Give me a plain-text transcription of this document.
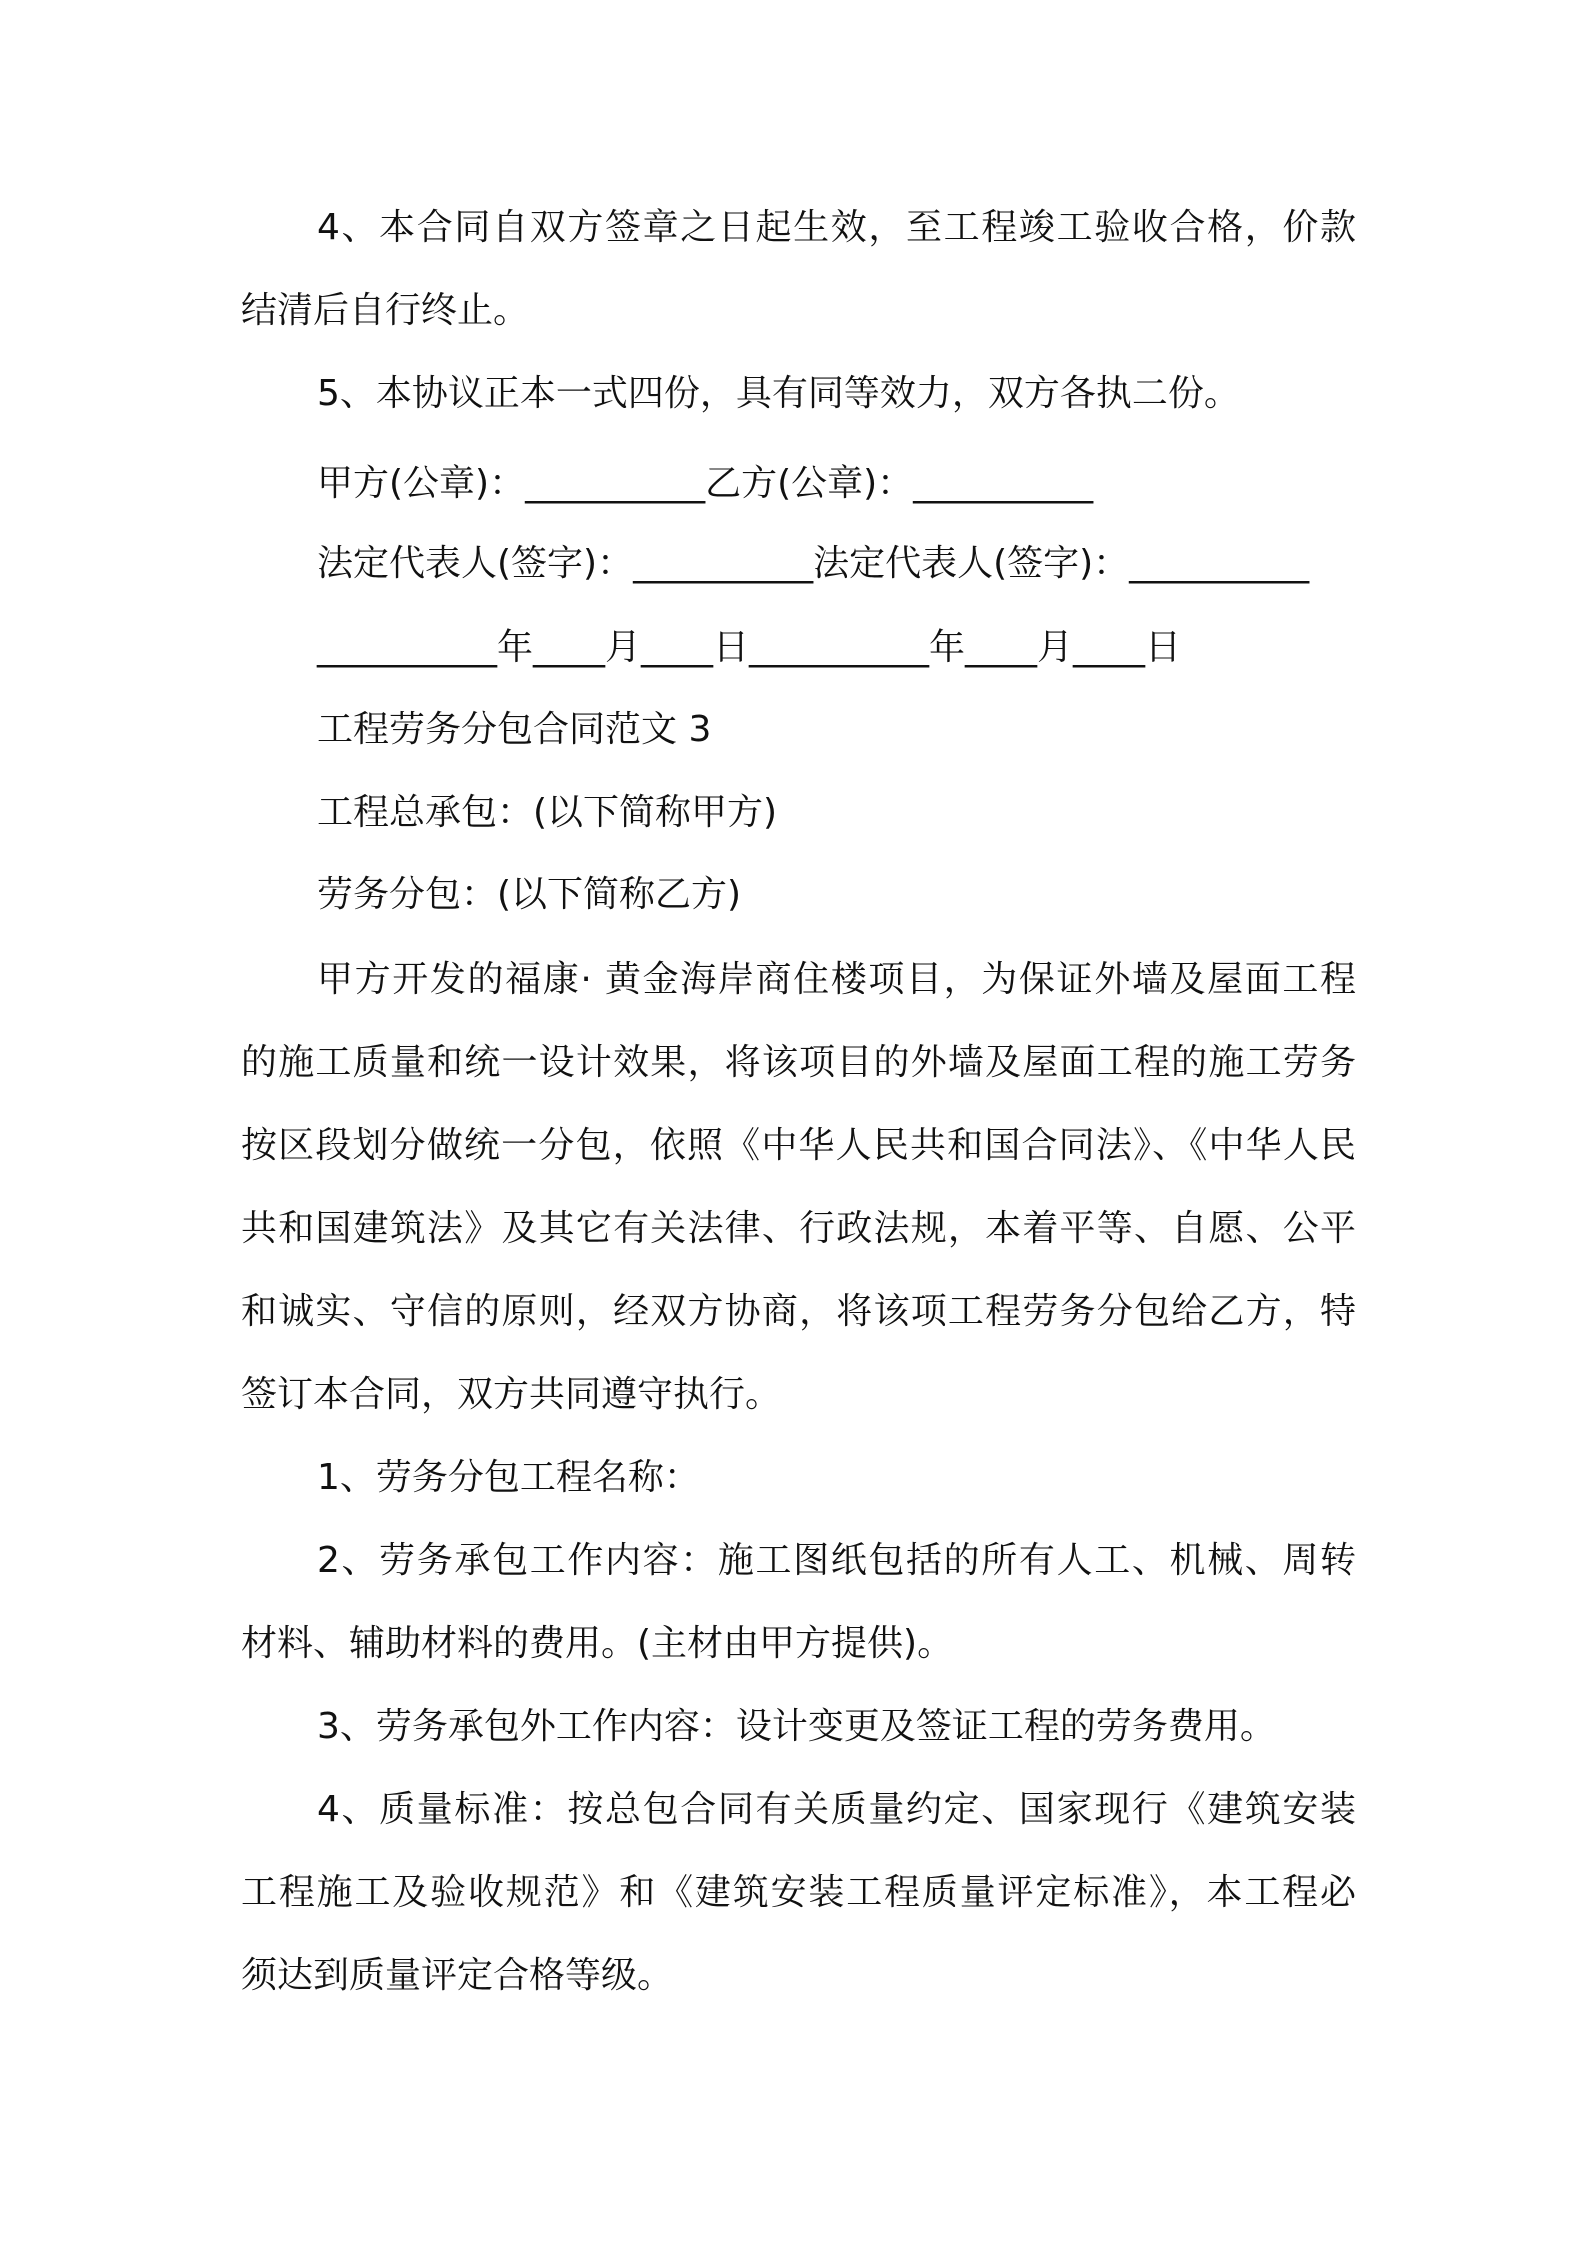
4、本合同自双方签章之日起生效，至工程竣工验收合格，价款
结清后自行终止。
5、本协议正本一式四份，具有同等效力，双方各执二份。
甲方(公章)：__________乙方(公章)：__________
法定代表人(签字)：__________法定代表人(签字)：__________
__________年____月____日__________年____月____日
工程劳务分包合同范文 3
工程总承包：(以下简称甲方)
劳务分包：(以下简称乙方)
甲方开发的福康· 黄金海岸商住楼项目，为保证外墙及屋面工程
的施工质量和统一设计效果，将该项目的外墙及屋面工程的施工劳务
按区段划分做统一分包，依照《中华人民共和国合同法》、《中华人民
共和国建筑法》及其它有关法律、行政法规，本着平等、自愿、公平
和诚实、守信的原则，经双方协商，将该项工程劳务分包给乙方，特
签订本合同，双方共同遵守执行。
1、劳务分包工程名称：
2、劳务承包工作内容：施工图纸包括的所有人工、机械、周转
材料、辅助材料的费用。(主材由甲方提供)。
3、劳务承包外工作内容：设计变更及签证工程的劳务费用。
4、质量标准：按总包合同有关质量约定、国家现行《建筑安装
工程施工及验收规范》和《建筑安装工程质量评定标准》，本工程必
须达到质量评定合格等级。
